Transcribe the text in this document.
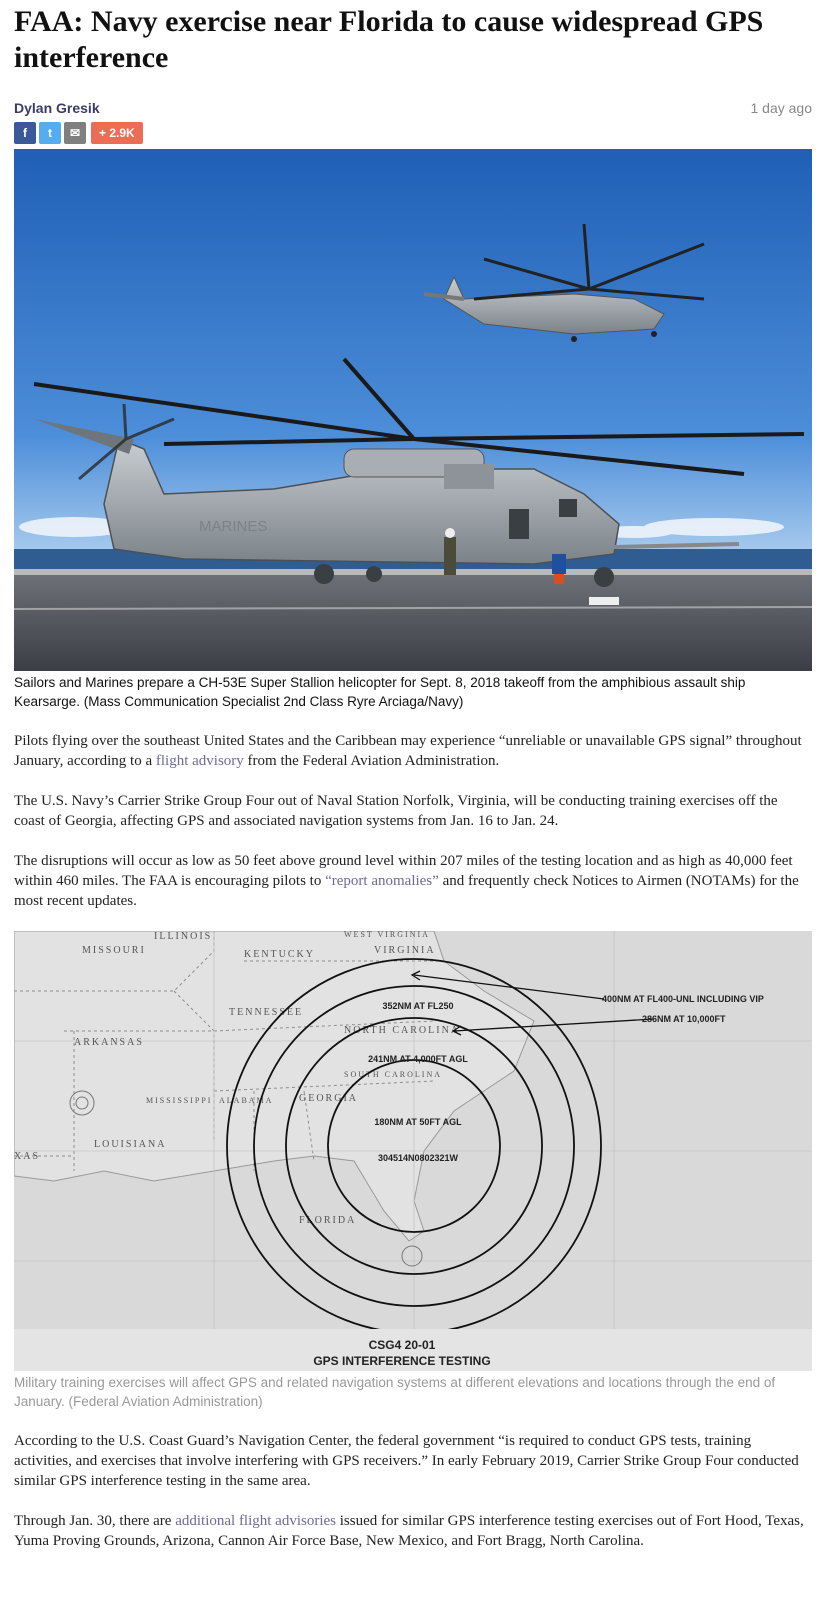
FAA: Navy exercise near Florida to cause widespread GPS interference
Dylan Gresik	1 day ago
f t ✉	+ 2.9K
MARINES
Sailors and Marines prepare a CH-53E Super Stallion helicopter for Sept. 8, 2018 takeoff from the amphibious assault ship Kearsarge. (Mass Communication Specialist 2nd Class Ryre Arciaga/Navy)

Pilots flying over the southeast United States and the Caribbean may experience “unreliable or unavailable GPS signal” throughout January, according to a flight advisory from the Federal Aviation Administration.

The U.S. Navy’s Carrier Strike Group Four out of Naval Station Norfolk, Virginia, will be conducting training exercises off the coast of Georgia, affecting GPS and associated navigation systems from Jan. 16 to Jan. 24.

The disruptions will occur as low as 50 feet above ground level within 207 miles of the testing location and as high as 40,000 feet within 460 miles. The FAA is encouraging pilots to “report anomalies” and frequently check Notices to Airmen (NOTAMs) for the most recent updates.

ILLINOIS
MISSOURI	KENTUCKY	VIRGINIA
WEST VIRGINIA
TENNESSEE
NORTH CAROLINA
ARKANSAS
SOUTH CAROLINA
MISSISSIPPI ALABAMA	GEORGIA
LOUISIANA
XAS
FLORIDA
352NM AT FL250
241NM AT 4,000FT AGL
180NM AT 50FT AGL
304514N0802321W
400NM AT FL400-UNL INCLUDING VIP
286NM AT 10,000FT
CSG4 20-01
GPS INTERFERENCE TESTING
Military training exercises will affect GPS and related navigation systems at different elevations and locations through the end of January. (Federal Aviation Administration)

According to the U.S. Coast Guard’s Navigation Center, the federal government “is required to conduct GPS tests, training activities, and exercises that involve interfering with GPS receivers.” In early February 2019, Carrier Strike Group Four conducted similar GPS interference testing in the same area.

Through Jan. 30, there are additional flight advisories issued for similar GPS interference testing exercises out of Fort Hood, Texas, Yuma Proving Grounds, Arizona, Cannon Air Force Base, New Mexico, and Fort Bragg, North Carolina.
